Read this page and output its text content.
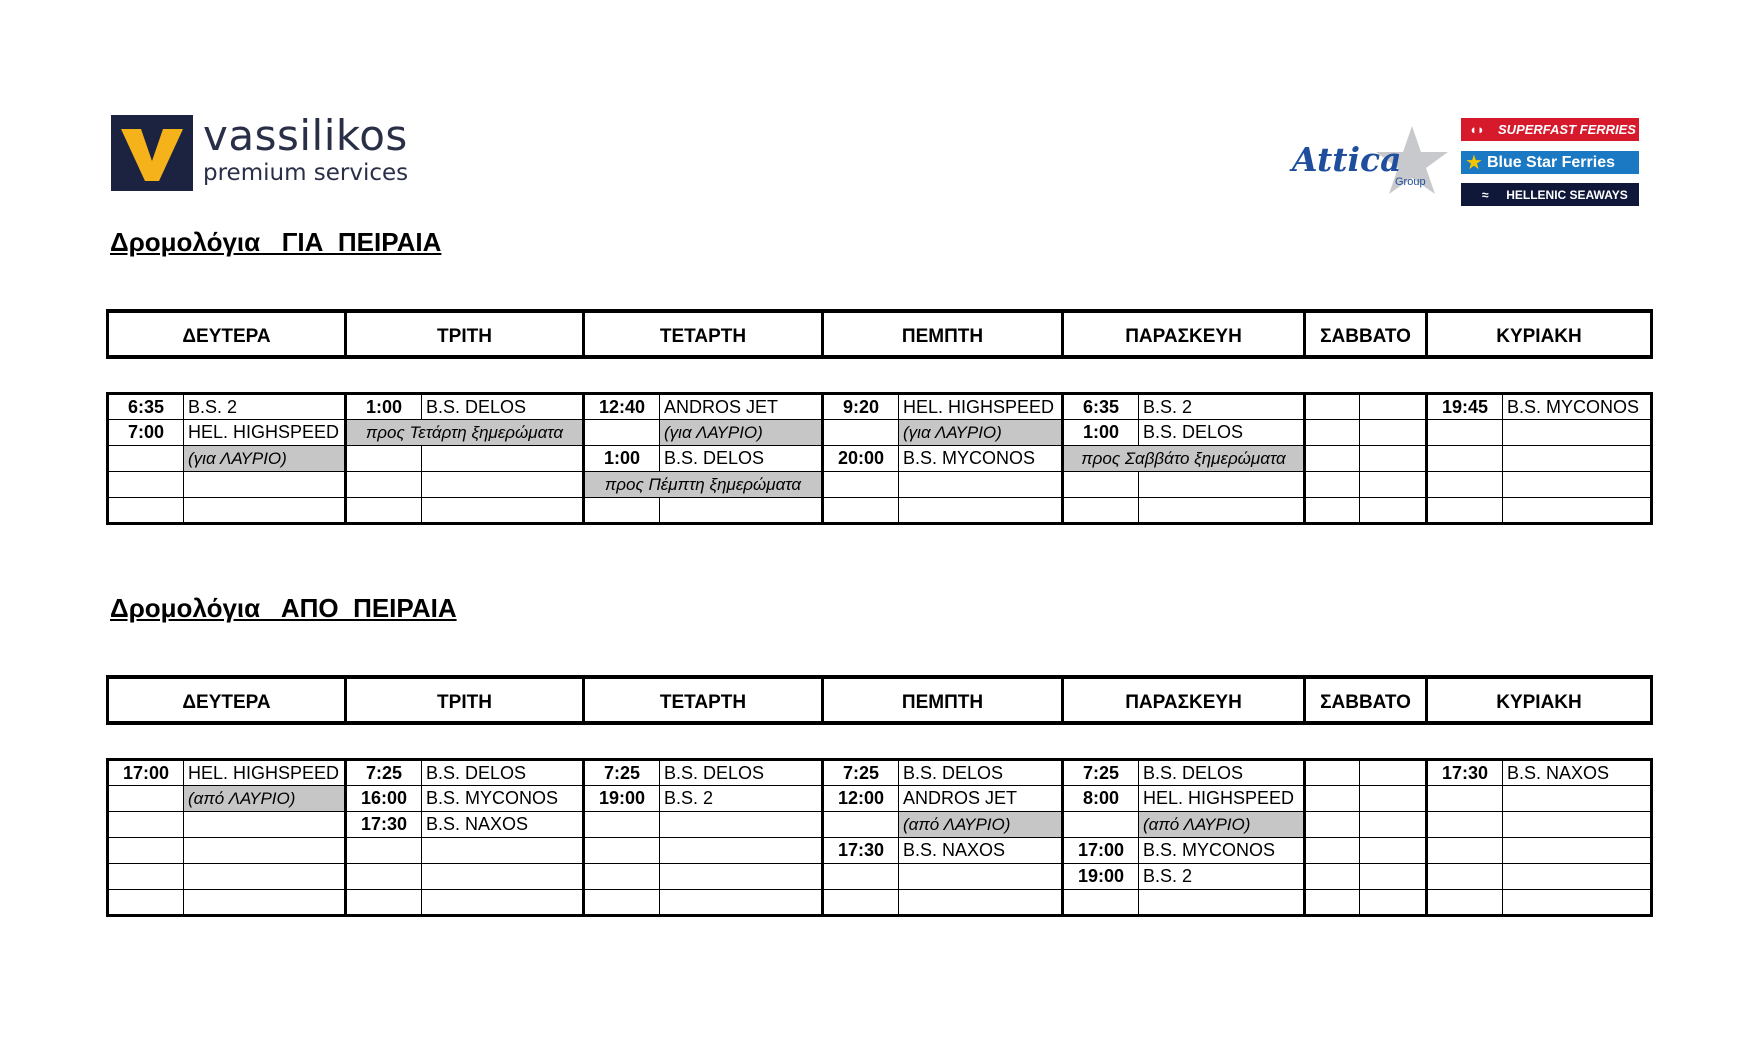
vassilikos
premium services	Attica
Group
◖◗	SUPERFAST FERRIES
★ Blue Star Ferries
≈	HELLENIC SEAWAYS
Δρομολόγια   ΓΙΑ  ΠΕΙΡΑΙΑ
ΔΕΥΤΕΡΑ	ΤΡΙΤΗ	ΤΕΤΑΡΤΗ	ΠΕΜΠΤΗ	ΠΑΡΑΣΚΕΥΗ	ΣΑΒΒΑΤΟ	ΚΥΡΙΑΚΗ
6:35	B.S. 2	1:00	B.S. DELOS	12:40	ANDROS JET	9:20	HEL. HIGHSPEED	6:35	B.S. 2			19:45	B.S. MYCONOS
7:00	HEL. HIGHSPEED	προς Τετάρτη ξημερώματα			(για ΛΑΥΡΙΟ)		(για ΛΑΥΡΙΟ)	1:00	B.S. DELOS				
	(για ΛΑΥΡΙΟ)			1:00	B.S. DELOS	20:00	B.S. MYCONOS	προς Σαββάτο ξημερώματα					
				προς Πέμπτη ξημερώματα									

Δρομολόγια   ΑΠΟ  ΠΕΙΡΑΙΑ
ΔΕΥΤΕΡΑ	ΤΡΙΤΗ	ΤΕΤΑΡΤΗ	ΠΕΜΠΤΗ	ΠΑΡΑΣΚΕΥΗ	ΣΑΒΒΑΤΟ	ΚΥΡΙΑΚΗ
17:00	HEL. HIGHSPEED	7:25	B.S. DELOS	7:25	B.S. DELOS	7:25	B.S. DELOS	7:25	B.S. DELOS			17:30	B.S. NAXOS
	(από ΛΑΥΡΙΟ)	16:00	B.S. MYCONOS	19:00	B.S. 2	12:00	ANDROS JET	8:00	HEL. HIGHSPEED				
		17:30	B.S. NAXOS				(από ΛΑΥΡΙΟ)		(από ΛΑΥΡΙΟ)				
						17:30	B.S. NAXOS	17:00	B.S. MYCONOS				
								19:00	B.S. 2				
